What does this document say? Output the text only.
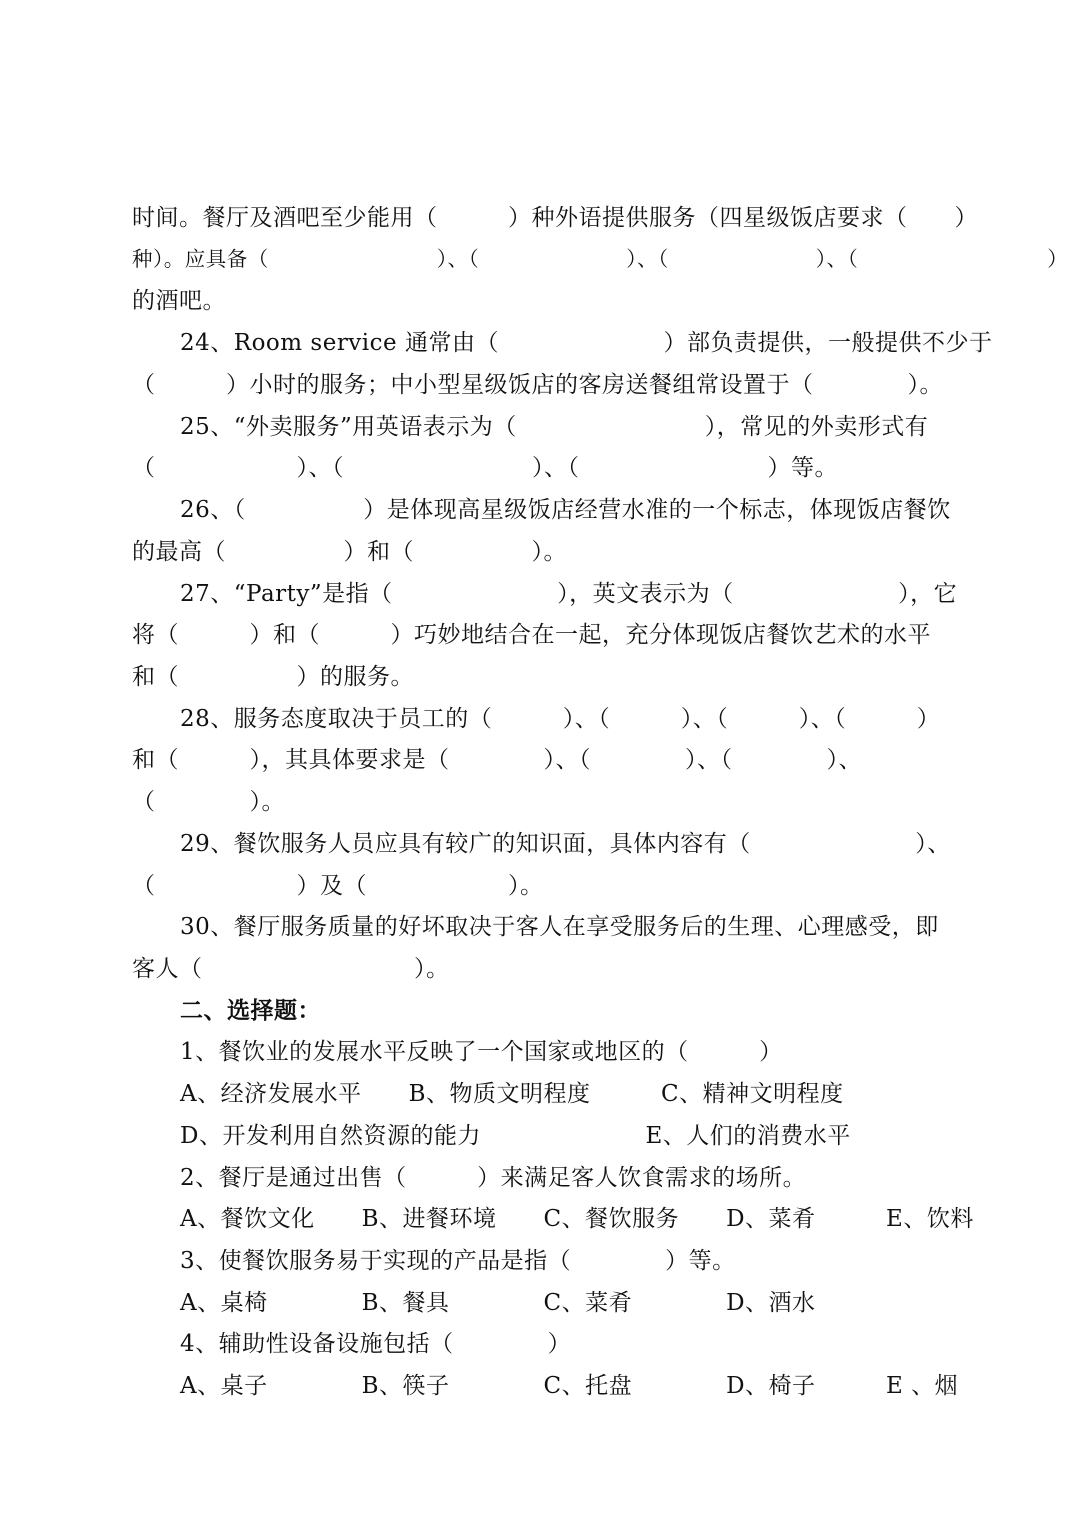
时间。餐厅及酒吧至少能用（　　　）种外语提供服务（四星级饭店要求（　　）
种）。应具备（　　　　　　　　）、（　　　　　　　）、（　　　　　　　）、（　　　　　　　　　）
的酒吧。
24、Room service 通常由（　　　　　　　）部负责提供，一般提供不少于
（　　　）小时的服务；中小型星级饭店的客房送餐组常设置于（　　　　）。
25、“外卖服务”用英语表示为（　　　　　　　　），常见的外卖形式有
（　　　　　　）、（　　　　　　　　）、（　　　　　　　　）等。
26、（　　　　　）是体现高星级饭店经营水准的一个标志，体现饭店餐饮
的最高（　　　　　）和（　　　　　）。
27、“Party”是指（　　　　　　　），英文表示为（　　　　　　　），它
将（　　　）和（　　　）巧妙地结合在一起，充分体现饭店餐饮艺术的水平
和（　　　　　）的服务。
28、服务态度取决于员工的（　　　）、（　　　）、（　　　）、（　　　）
和（　　　），其具体要求是（　　　　）、（　　　　）、（　　　　）、
（　　　　）。
29、餐饮服务人员应具有较广的知识面，具体内容有（　　　　　　　）、
（　　　　　　）及（　　　　　　）。
30、餐厅服务质量的好坏取决于客人在享受服务后的生理、心理感受，即
客人（　　　　　　　　　）。
二、选择题：
1、餐饮业的发展水平反映了一个国家或地区的（　　　）
A、经济发展水平　　B、物质文明程度　　　C、精神文明程度
D、开发利用自然资源的能力　　　　　　　E、人们的消费水平
2、餐厅是通过出售（　　　）来满足客人饮食需求的场所。
A、餐饮文化　　B、进餐环境　　C、餐饮服务　　D、菜肴　　　E、饮料
3、使餐饮服务易于实现的产品是指（　　　　）等。
A、桌椅　　　　B、餐具　　　　C、菜肴　　　　D、酒水
4、辅助性设备设施包括（　　　　）
A、桌子　　　　B、筷子　　　　C、托盘　　　　D、椅子　　　E 、烟
